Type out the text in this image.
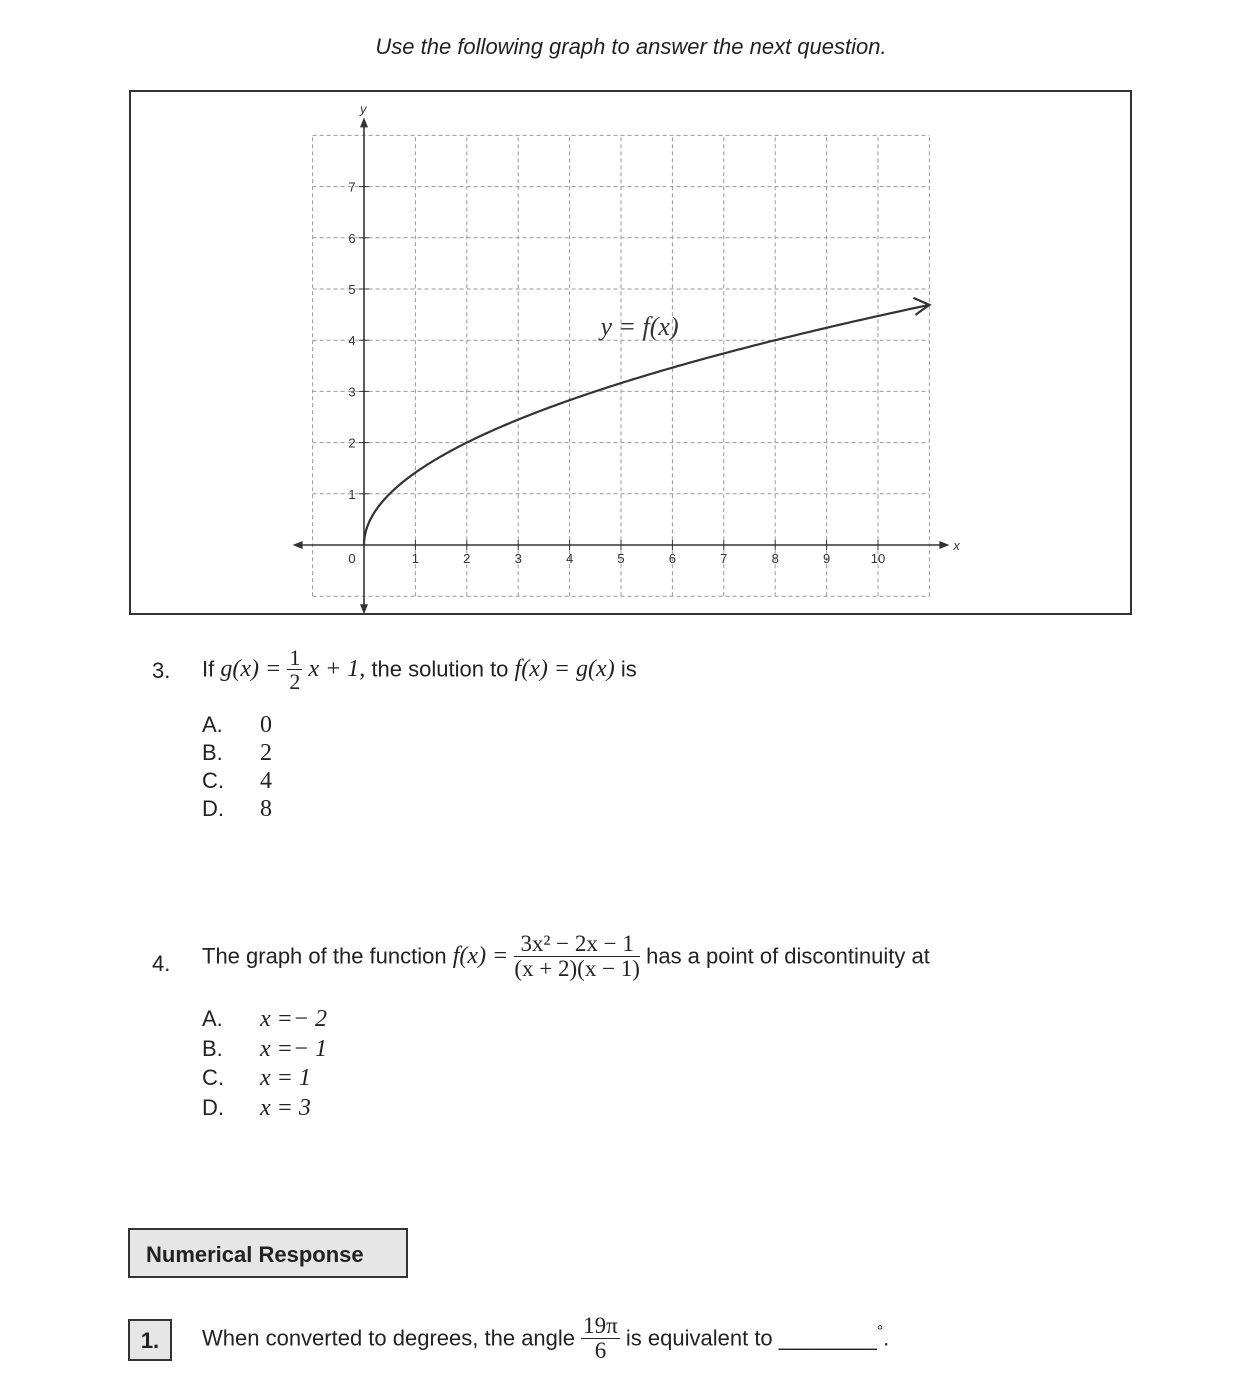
Use the following graph to answer the next question.
0	1	2	3	4	5	6	7	8	9	10
1
2
3
4
5
6
7
y = f(x)
x
y
3. If $g(x) = \frac{1}{2}$ x + 1, the solution to f(x) = g(x) is
A. 0
B. 2
C. 4
D. 8
4. The graph of the function $f(x) = \frac{\text{3x² − 2x − 1}}{(x + 2)(x - 1)}$ has a point of discontinuity at
A. x =− 2
B. x =− 1
C. x = 1
D. x = 3
Numerical Response
1.	When converted to degrees, the angle $\frac{19\pi}{6}$ is equivalent to ________°.
